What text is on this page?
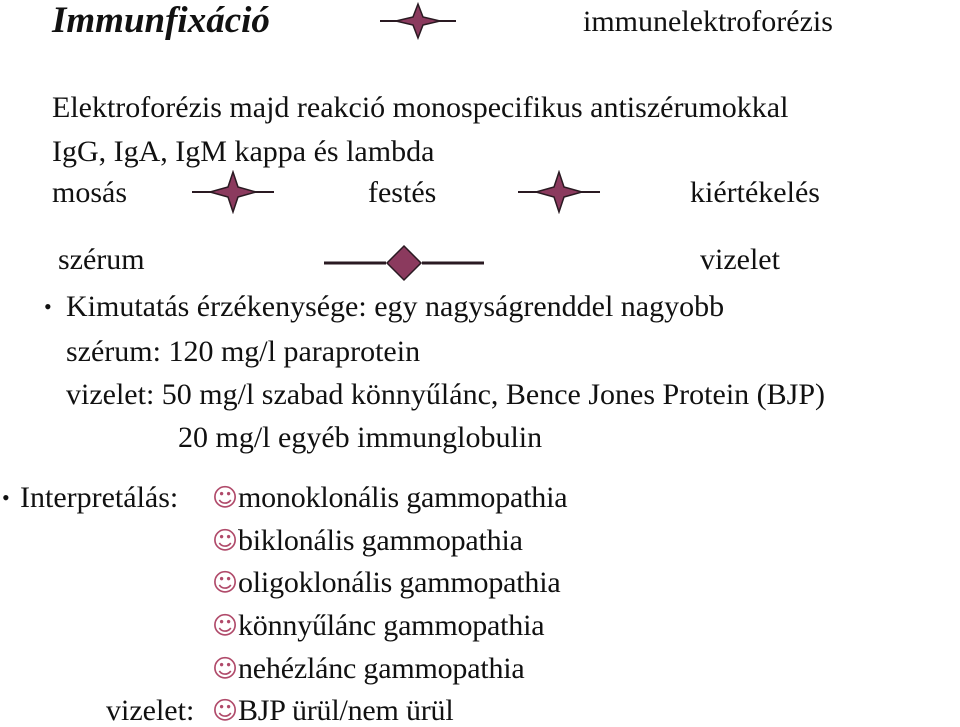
Immunfixáció	immunelektroforézis
Elektroforézis majd reakció monospecifikus antiszérumokkal
IgG, IgA, IgM kappa és lambda
mosás	festés	kiértékelés
szérum	vizelet
• Kimutatás érzékenysége: egy nagyságrenddel nagyobb
szérum: 120 mg/l paraprotein
vizelet: 50 mg/l szabad könnyűlánc, Bence Jones Protein (BJP)
20 mg/l egyéb immunglobulin
• Interpretálás: ☺monoklonális gammopathia
☺biklonális gammopathia
☺oligoklonális gammopathia
☺könnyűlánc gammopathia
☺nehézlánc gammopathia
vizelet: ☺BJP ürül/nem ürül
